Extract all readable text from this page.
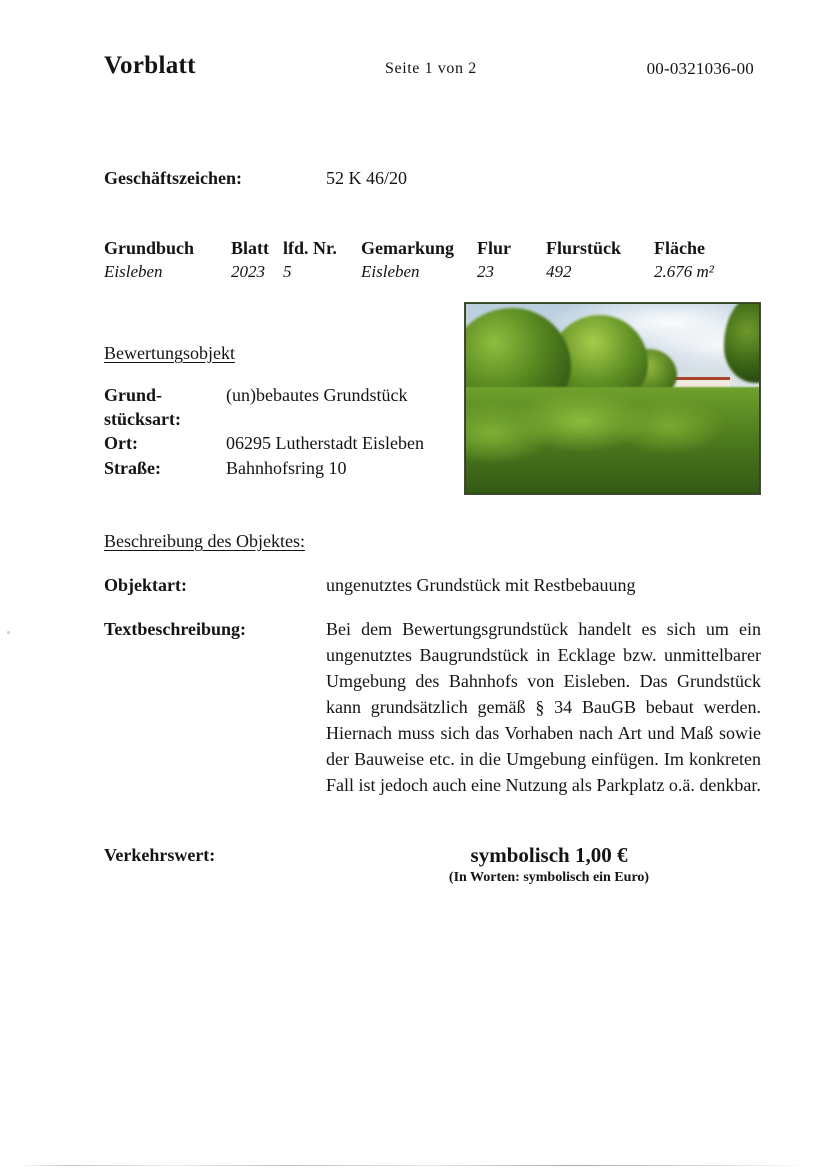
Vorblatt	Seite 1 von 2	00-0321036-00
Geschäftszeichen:	52 K 46/20
Grundbuch	Blatt	lfd. Nr.	Gemarkung	Flur	Flurstück	Fläche
Eisleben	2023	5	Eisleben	23	492	2.676 m²
Bewertungsobjekt
Grund-
stücksart:
(un)bebautes Grundstück
Ort:	06295 Lutherstadt Eisleben
Straße:	Bahnhofsring 10
Beschreibung des Objektes:
Objektart:	ungenutztes Grundstück mit Restbebauung
Textbeschreibung:	Bei dem Bewertungsgrundstück handelt es sich um ein ungenutztes Baugrundstück in Ecklage bzw. unmittelbarer Umgebung des Bahnhofs von Eisleben. Das Grundstück kann grundsätzlich gemäß § 34 BauGB bebaut werden. Hiernach muss sich das Vorhaben nach Art und Maß sowie der Bauweise etc. in die Umgebung einfügen. Im konkreten Fall ist jedoch auch eine Nutzung als Parkplatz o.ä. denkbar.
Verkehrswert:	symbolisch 1,00 €
(In Worten: symbolisch ein Euro)
